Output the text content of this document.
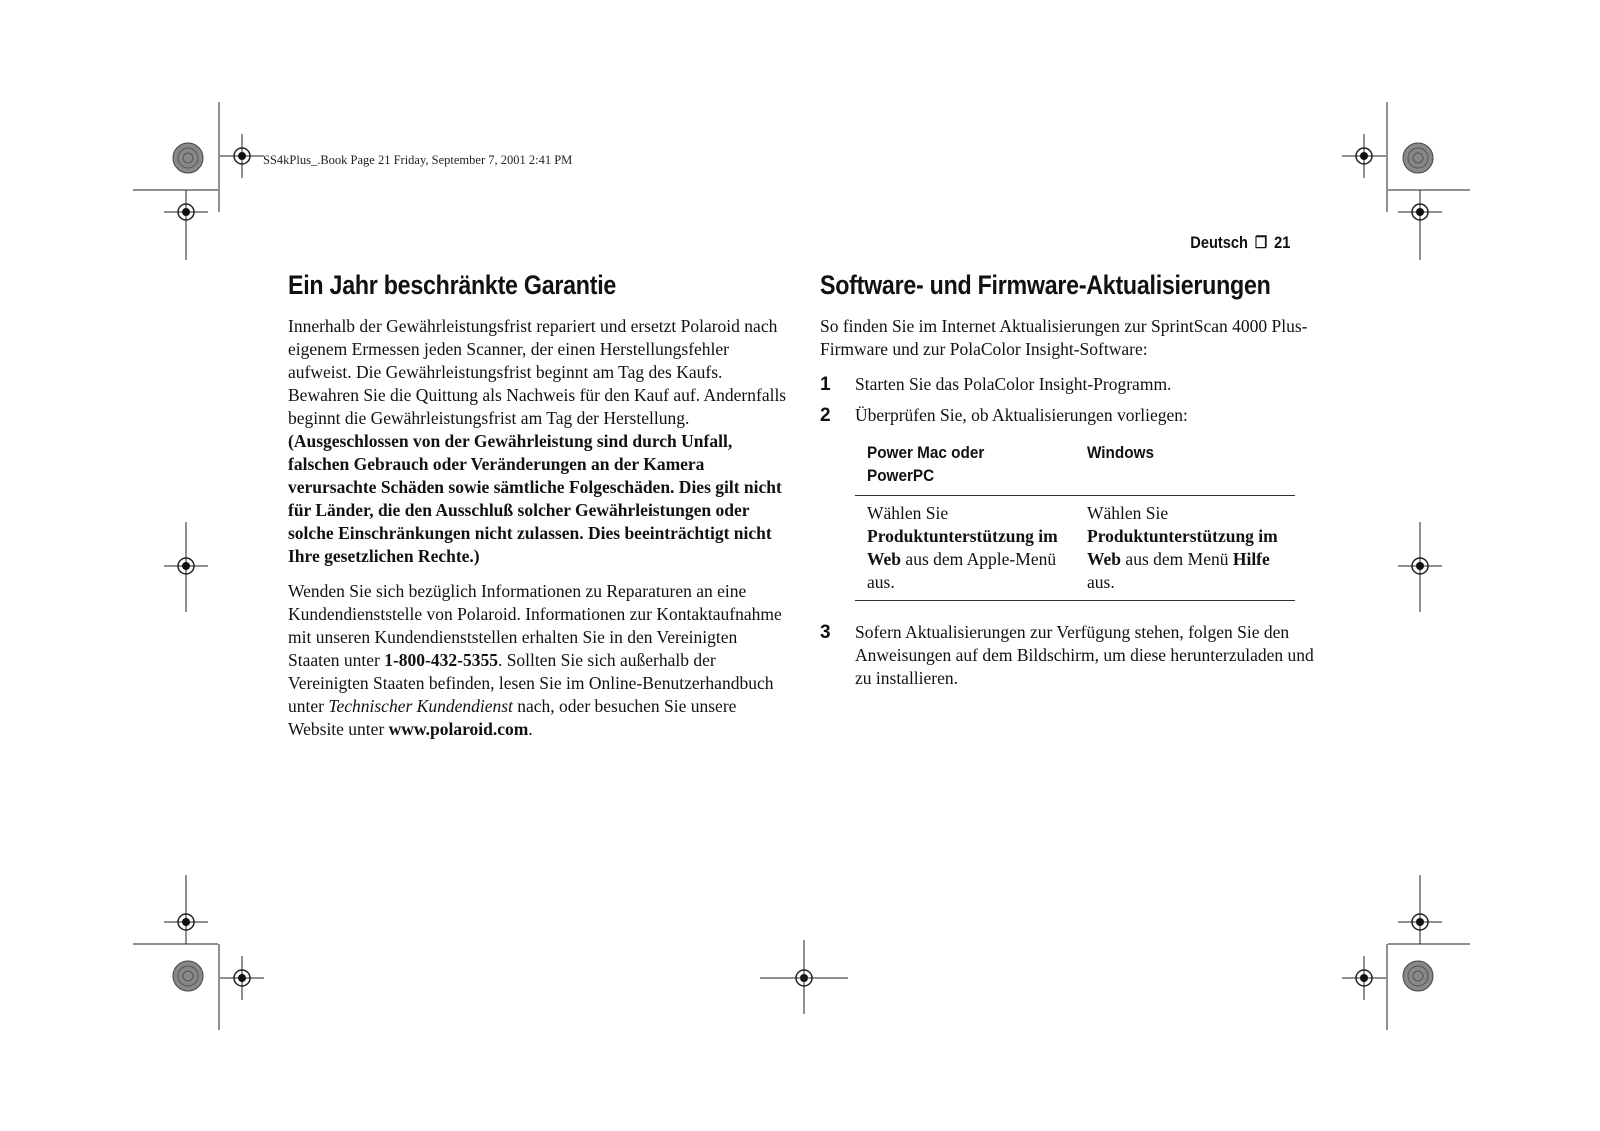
SS4kPlus_.Book Page 21 Friday, September 7, 2001 2:41 PM
Deutsch ❐ 21
Ein Jahr beschränkte Garantie

Innerhalb der Gewährleistungsfrist repariert und ersetzt Polaroid nach eigenem Ermessen jeden Scanner, der einen Herstellungsfehler aufweist. Die Gewährleistungsfrist beginnt am Tag des Kaufs. Bewahren Sie die Quittung als Nachweis für den Kauf auf. Andernfalls beginnt die Gewährleistungsfrist am Tag der Herstellung. (Ausgeschlossen von der Gewährleistung sind durch Unfall, falschen Gebrauch oder Veränderungen an der Kamera verursachte Schäden sowie sämtliche Folgeschäden. Dies gilt nicht für Länder, die den Ausschluß solcher Gewährleistungen oder solche Einschränkungen nicht zulassen. Dies beeinträchtigt nicht Ihre gesetzlichen Rechte.)

Wenden Sie sich bezüglich Informationen zu Reparaturen an eine Kundendienststelle von Polaroid. Informationen zur Kontaktaufnahme mit unseren Kundendienststellen erhalten Sie in den Vereinigten Staaten unter 1-800-432-5355. Sollten Sie sich außerhalb der Vereinigten Staaten befinden, lesen Sie im Online-Benutzerhandbuch unter Technischer Kundendienst nach, oder besuchen Sie unsere Website unter www.polaroid.com.

Software- und Firmware-Aktualisierungen

So finden Sie im Internet Aktualisierungen zur SprintScan 4000 Plus-Firmware und zur PolaColor Insight-Software:

1 Starten Sie das PolaColor Insight-Programm.
2 Überprüfen Sie, ob Aktualisierungen vorliegen:
Power Mac oder PowerPC	Windows
Wählen Sie Produktunterstützung im Web aus dem Apple-Menü aus.	Wählen Sie Produktunterstützung im Web aus dem Menü Hilfe aus.
3 Sofern Aktualisierungen zur Verfügung stehen, folgen Sie den Anweisungen auf dem Bildschirm, um diese herunterzuladen und zu installieren.
